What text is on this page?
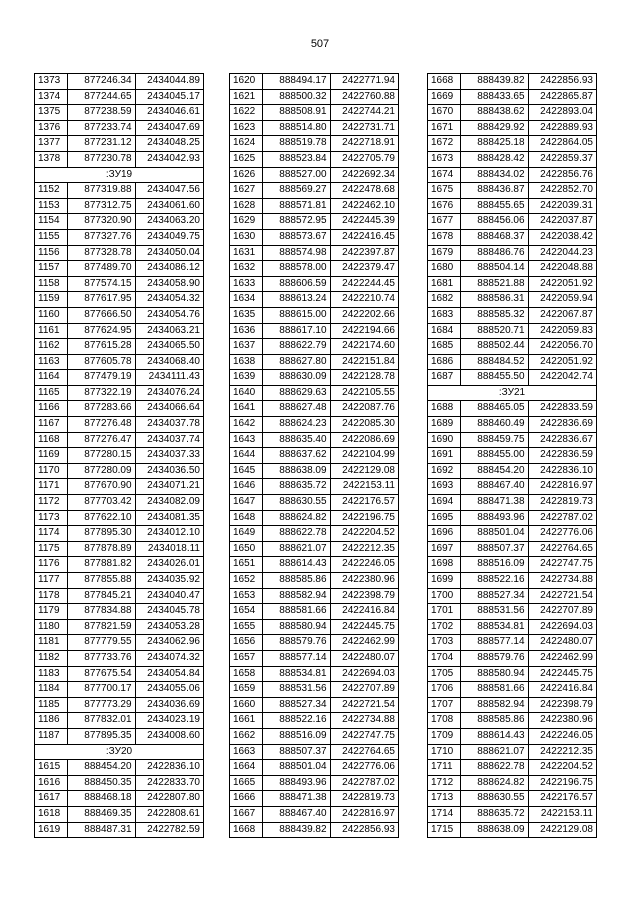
507
1373	877246.34	2434044.89
1374	877244.65	2434045.17
1375	877238.59	2434046.61
1376	877233.74	2434047.69
1377	877231.12	2434048.25
1378	877230.78	2434042.93
:ЗУ19		
1152	877319.88	2434047.56
1153	877312.75	2434061.60
1154	877320.90	2434063.20
1155	877327.76	2434049.75
1156	877328.78	2434050.04
1157	877489.70	2434086.12
1158	877574.15	2434058.90
1159	877617.95	2434054.32
1160	877666.50	2434054.76
1161	877624.95	2434063.21
1162	877615.28	2434065.50
1163	877605.78	2434068.40
1164	877479.19	2434111.43
1165	877322.19	2434076.24
1166	877283.66	2434066.64
1167	877276.48	2434037.78
1168	877276.47	2434037.74
1169	877280.15	2434037.33
1170	877280.09	2434036.50
1171	877670.90	2434071.21
1172	877703.42	2434082.09
1173	877622.10	2434081.35
1174	877895.30	2434012.10
1175	877878.89	2434018.11
1176	877881.82	2434026.01
1177	877855.88	2434035.92
1178	877845.21	2434040.47
1179	877834.88	2434045.78
1180	877821.59	2434053.28
1181	877779.55	2434062.96
1182	877733.76	2434074.32
1183	877675.54	2434054.84
1184	877700.17	2434055.06
1185	877773.29	2434036.69
1186	877832.01	2434023.19
1187	877895.35	2434008.60
:ЗУ20		
1615	888454.20	2422836.10
1616	888450.35	2422833.70
1617	888468.18	2422807.80
1618	888469.35	2422808.61
1619	888487.31	2422782.59
1620	888494.17	2422771.94
1621	888500.32	2422760.88
1622	888508.91	2422744.21
1623	888514.80	2422731.71
1624	888519.78	2422718.91
1625	888523.84	2422705.79
1626	888527.00	2422692.34
1627	888569.27	2422478.68
1628	888571.81	2422462.10
1629	888572.95	2422445.39
1630	888573.67	2422416.45
1631	888574.98	2422397.87
1632	888578.00	2422379.47
1633	888606.59	2422244.45
1634	888613.24	2422210.74
1635	888615.00	2422202.66
1636	888617.10	2422194.66
1637	888622.79	2422174.60
1638	888627.80	2422151.84
1639	888630.09	2422128.78
1640	888629.63	2422105.55
1641	888627.48	2422087.76
1642	888624.23	2422085.30
1643	888635.40	2422086.69
1644	888637.62	2422104.99
1645	888638.09	2422129.08
1646	888635.72	2422153.11
1647	888630.55	2422176.57
1648	888624.82	2422196.75
1649	888622.78	2422204.52
1650	888621.07	2422212.35
1651	888614.43	2422246.05
1652	888585.86	2422380.96
1653	888582.94	2422398.79
1654	888581.66	2422416.84
1655	888580.94	2422445.75
1656	888579.76	2422462.99
1657	888577.14	2422480.07
1658	888534.81	2422694.03
1659	888531.56	2422707.89
1660	888527.34	2422721.54
1661	888522.16	2422734.88
1662	888516.09	2422747.75
1663	888507.37	2422764.65
1664	888501.04	2422776.06
1665	888493.96	2422787.02
1666	888471.38	2422819.73
1667	888467.40	2422816.97
1668	888439.82	2422856.93
1668	888439.82	2422856.93
1669	888433.65	2422865.87
1670	888438.62	2422893.04
1671	888429.92	2422889.93
1672	888425.18	2422864.05
1673	888428.42	2422859.37
1674	888434.02	2422856.76
1675	888436.87	2422852.70
1676	888455.65	2422039.31
1677	888456.06	2422037.87
1678	888468.37	2422038.42
1679	888486.76	2422044.23
1680	888504.14	2422048.88
1681	888521.88	2422051.92
1682	888586.31	2422059.94
1683	888585.32	2422067.87
1684	888520.71	2422059.83
1685	888502.44	2422056.70
1686	888484.52	2422051.92
1687	888455.50	2422042.74
:ЗУ21		
1688	888465.05	2422833.59
1689	888460.49	2422836.69
1690	888459.75	2422836.67
1691	888455.00	2422836.59
1692	888454.20	2422836.10
1693	888467.40	2422816.97
1694	888471.38	2422819.73
1695	888493.96	2422787.02
1696	888501.04	2422776.06
1697	888507.37	2422764.65
1698	888516.09	2422747.75
1699	888522.16	2422734.88
1700	888527.34	2422721.54
1701	888531.56	2422707.89
1702	888534.81	2422694.03
1703	888577.14	2422480.07
1704	888579.76	2422462.99
1705	888580.94	2422445.75
1706	888581.66	2422416.84
1707	888582.94	2422398.79
1708	888585.86	2422380.96
1709	888614.43	2422246.05
1710	888621.07	2422212.35
1711	888622.78	2422204.52
1712	888624.82	2422196.75
1713	888630.55	2422176.57
1714	888635.72	2422153.11
1715	888638.09	2422129.08
